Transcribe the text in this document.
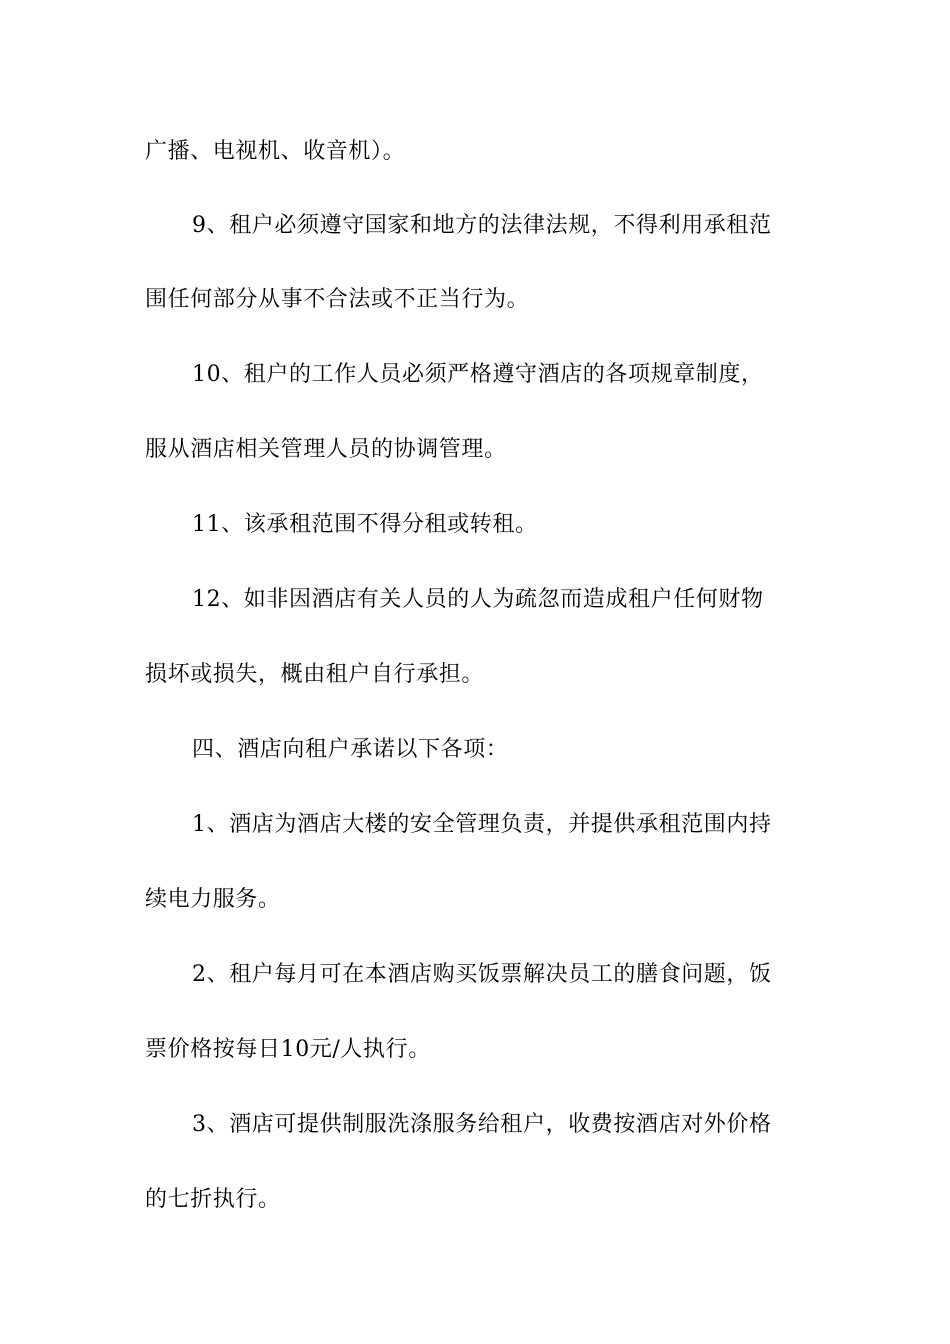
广播、电视机、收音机）。
9、租户必须遵守国家和地方的法律法规，不得利用承租范
围任何部分从事不合法或不正当行为。
10、租户的工作人员必须严格遵守酒店的各项规章制度，
服从酒店相关管理人员的协调管理。
11、该承租范围不得分租或转租。
12、如非因酒店有关人员的人为疏忽而造成租户任何财物
损坏或损失，概由租户自行承担。
四、酒店向租户承诺以下各项：
1、酒店为酒店大楼的安全管理负责，并提供承租范围内持
续电力服务。
2、租户每月可在本酒店购买饭票解决员工的膳食问题，饭
票价格按每日10元/人执行。
3、酒店可提供制服洗涤服务给租户，收费按酒店对外价格
的七折执行。
